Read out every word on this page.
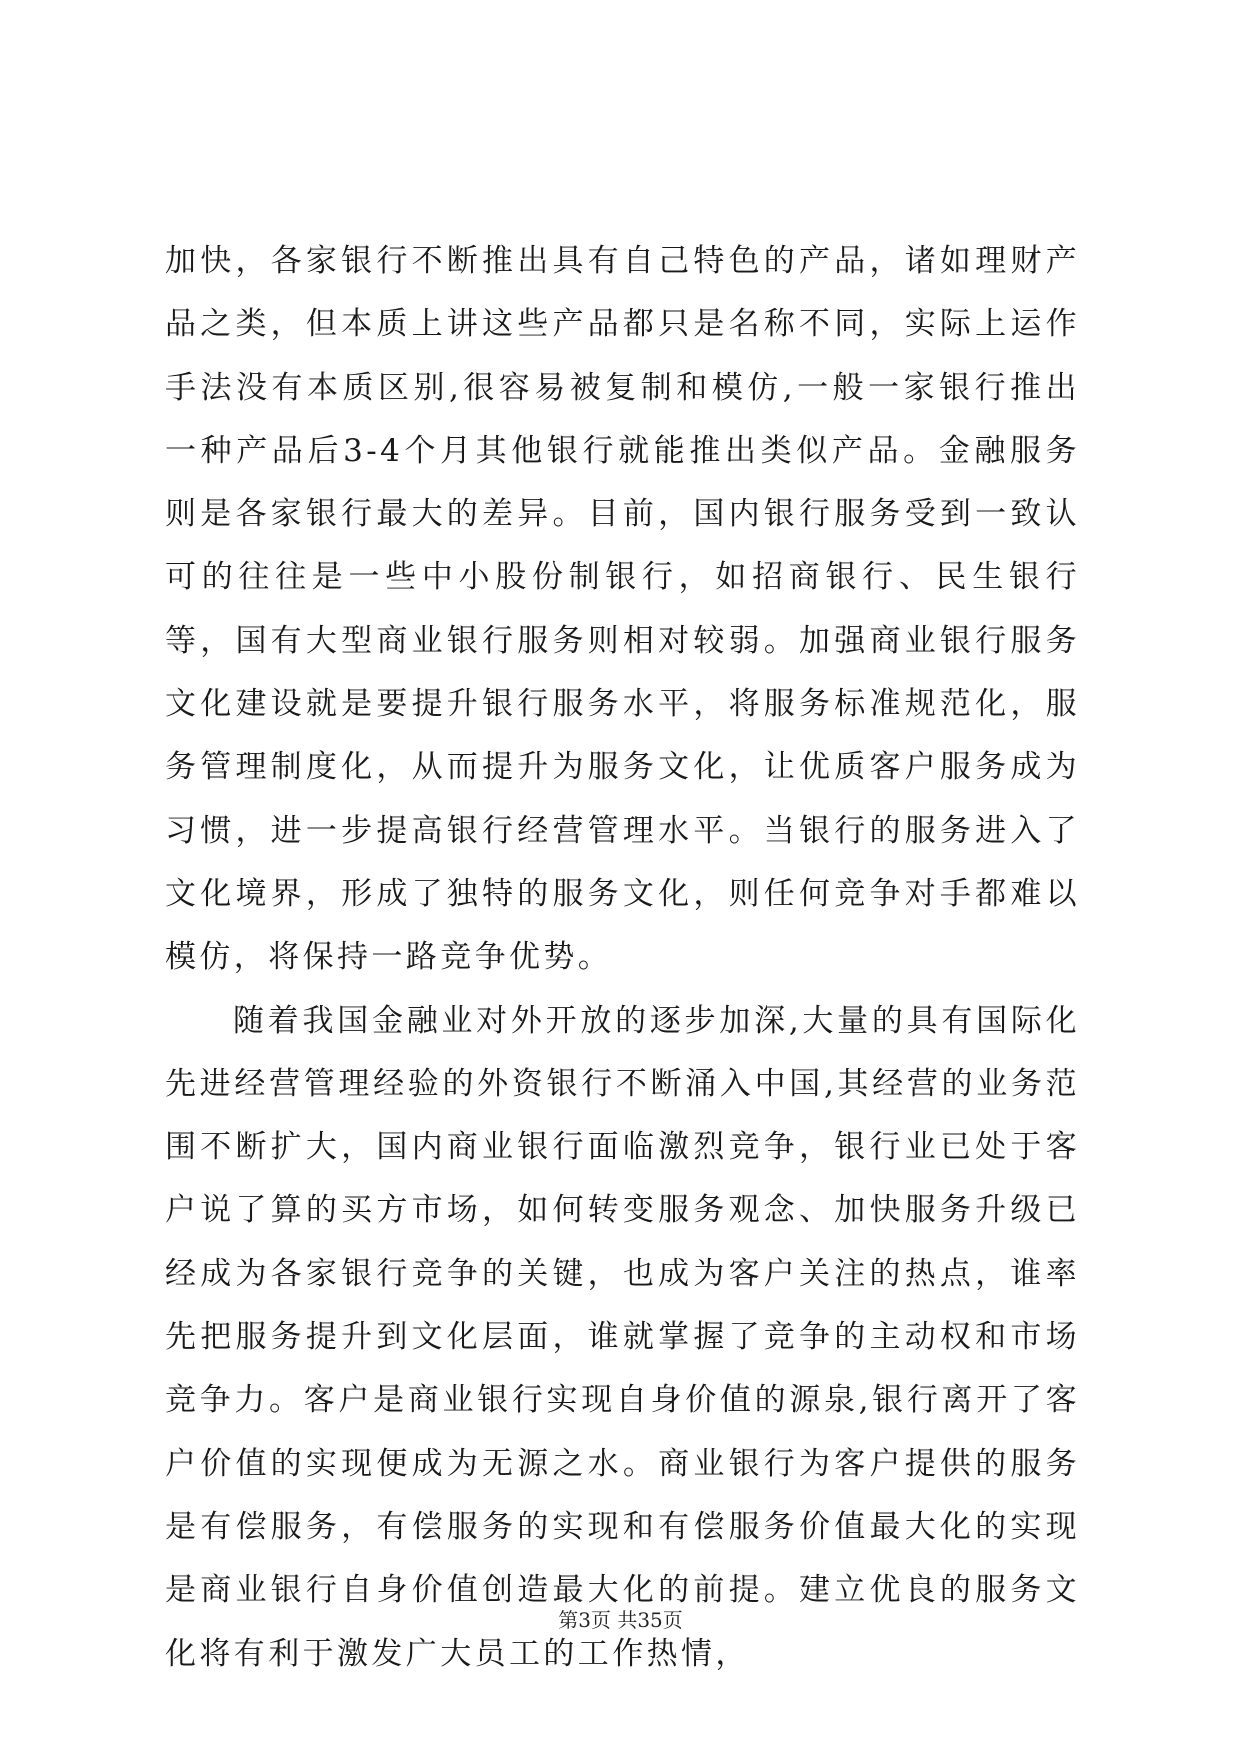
加快，各家银行不断推出具有自己特色的产品，诸如理财产品之类，但本质上讲这些产品都只是名称不同，实际上运作手法没有本质区别,很容易被复制和模仿,一般一家银行推出一种产品后3-4个月其他银行就能推出类似产品。金融服务则是各家银行最大的差异。目前，国内银行服务受到一致认可的往往是一些中小股份制银行，如招商银行、民生银行等，国有大型商业银行服务则相对较弱。加强商业银行服务文化建设就是要提升银行服务水平，将服务标准规范化，服务管理制度化，从而提升为服务文化，让优质客户服务成为习惯，进一步提高银行经营管理水平。当银行的服务进入了文化境界，形成了独特的服务文化，则任何竞争对手都难以模仿，将保持一路竞争优势。

随着我国金融业对外开放的逐步加深,大量的具有国际化先进经营管理经验的外资银行不断涌入中国,其经营的业务范围不断扩大，国内商业银行面临激烈竞争，银行业已处于客户说了算的买方市场，如何转变服务观念、加快服务升级已经成为各家银行竞争的关键，也成为客户关注的热点，谁率先把服务提升到文化层面，谁就掌握了竞争的主动权和市场竞争力。客户是商业银行实现自身价值的源泉,银行离开了客户价值的实现便成为无源之水。商业银行为客户提供的服务是有偿服务，有偿服务的实现和有偿服务价值最大化的实现是商业银行自身价值创造最大化的前提。建立优良的服务文化将有利于激发广大员工的工作热情，

第3页 共35页
